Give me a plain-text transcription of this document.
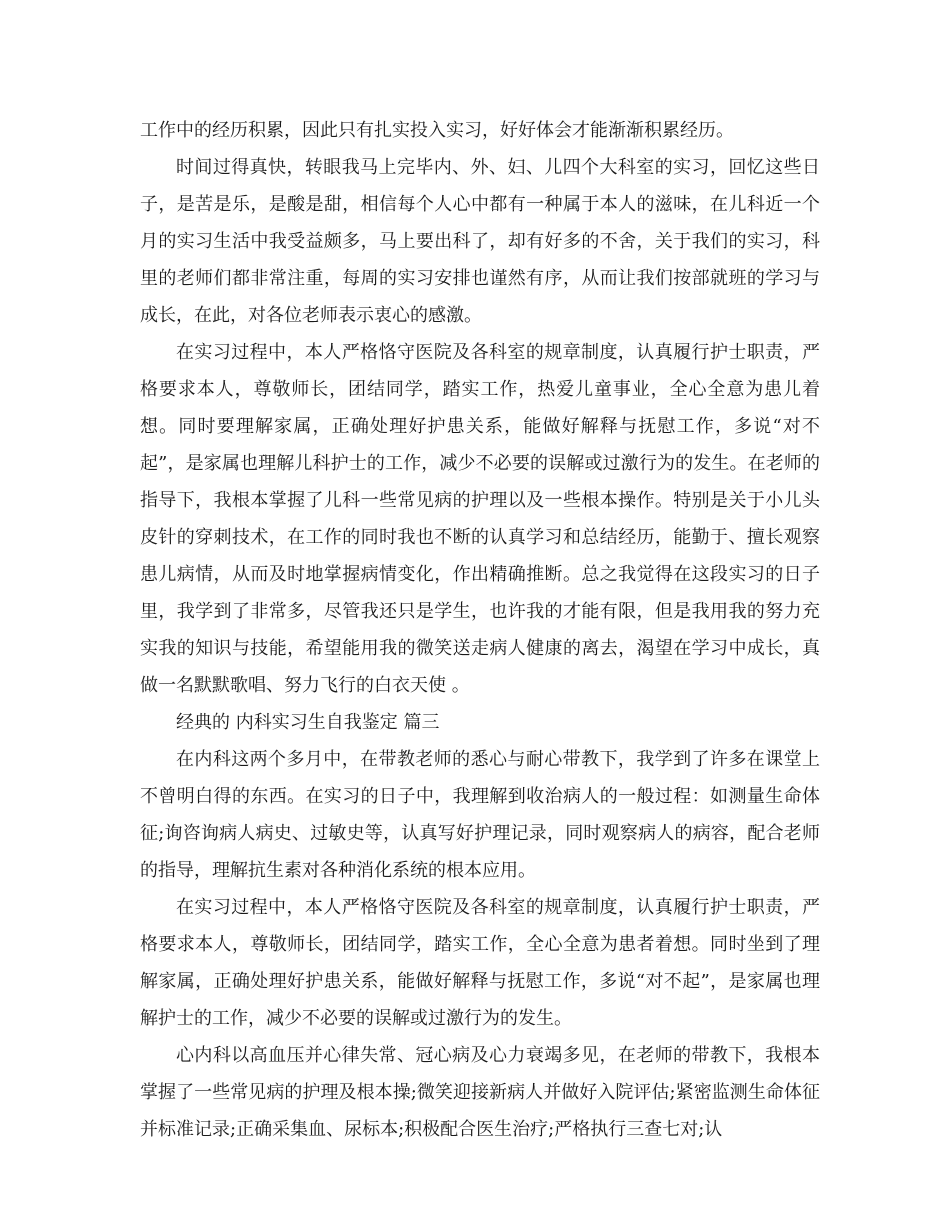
工作中的经历积累，因此只有扎实投入实习，好好体会才能渐渐积累经历。

时间过得真快，转眼我马上完毕内、外、妇、儿四个大科室的实习，回忆这些日子，是苦是乐，是酸是甜，相信每个人心中都有一种属于本人的滋味，在儿科近一个月的实习生活中我受益颇多，马上要出科了，却有好多的不舍，关于我们的实习，科里的老师们都非常注重，每周的实习安排也谨然有序，从而让我们按部就班的学习与成长，在此，对各位老师表示衷心的感激。

在实习过程中，本人严格恪守医院及各科室的规章制度，认真履行护士职责，严格要求本人，尊敬师长，团结同学，踏实工作，热爱儿童事业，全心全意为患儿着想。同时要理解家属，正确处理好护患关系，能做好解释与抚慰工作，多说“对不起”，是家属也理解儿科护士的工作，减少不必要的误解或过激行为的发生。在老师的指导下，我根本掌握了儿科一些常见病的护理以及一些根本操作。特别是关于小儿头皮针的穿刺技术，在工作的同时我也不断的认真学习和总结经历，能勤于、擅长观察患儿病情，从而及时地掌握病情变化，作出精确推断。总之我觉得在这段实习的日子里，我学到了非常多，尽管我还只是学生，也许我的才能有限，但是我用我的努力充实我的知识与技能，希望能用我的微笑送走病人健康的离去，渴望在学习中成长，真做一名默默歌唱、努力飞行的白衣天使 。

经典的 内科实习生自我鉴定 篇三

在内科这两个多月中，在带教老师的悉心与耐心带教下，我学到了许多在课堂上不曾明白得的东西。在实习的日子中，我理解到收治病人的一般过程：如测量生命体征;询咨询病人病史、过敏史等，认真写好护理记录，同时观察病人的病容，配合老师的指导，理解抗生素对各种消化系统的根本应用。

在实习过程中，本人严格恪守医院及各科室的规章制度，认真履行护士职责，严格要求本人，尊敬师长，团结同学，踏实工作，全心全意为患者着想。同时坐到了理解家属，正确处理好护患关系，能做好解释与抚慰工作，多说“对不起”，是家属也理解护士的工作，减少不必要的误解或过激行为的发生。

心内科以高血压并心律失常、冠心病及心力衰竭多见，在老师的带教下，我根本掌握了一些常见病的护理及根本操;微笑迎接新病人并做好入院评估;紧密监测生命体征并标准记录;正确采集血、尿标本;积极配合医生治疗;严格执行三查七对;认
